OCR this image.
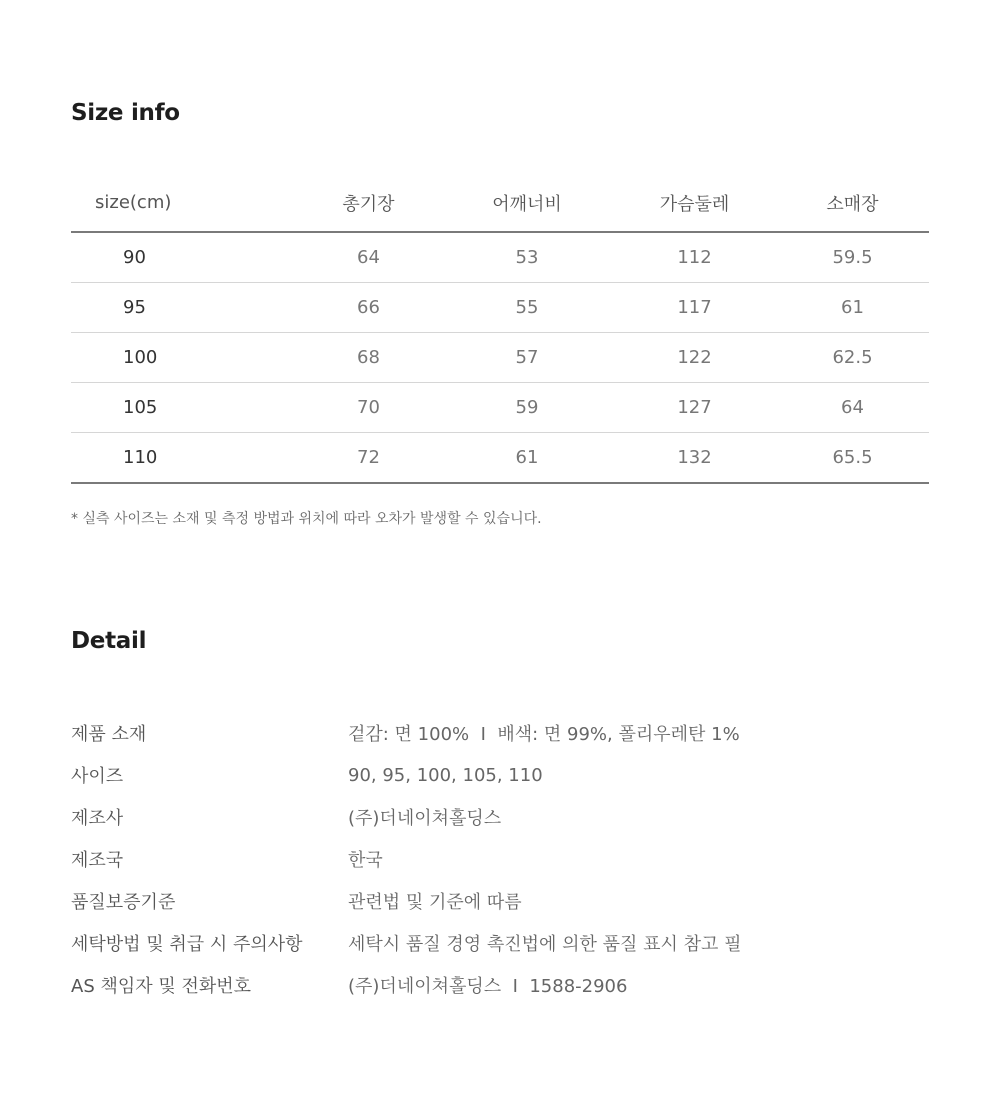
Size info
size(cm)	총기장	어깨너비	가슴둘레	소매장
90	64	53	112	59.5
95	66	55	117	61
100	68	57	122	62.5
105	70	59	127	64
110	72	61	132	65.5

* 실측 사이즈는 소재 및 측정 방법과 위치에 따라 오차가 발생할 수 있습니다.

Detail
제품 소재	겉감: 면 100%  I  배색: 면 99%, 폴리우레탄 1%
사이즈	90, 95, 100, 105, 110
제조사	(주)더네이쳐홀딩스
제조국	한국
품질보증기준	관련법 및 기준에 따름
세탁방법 및 취급 시 주의사항	세탁시 품질 경영 촉진법에 의한 품질 표시 참고 필
AS 책임자 및 전화번호	(주)더네이쳐홀딩스  I  1588-2906
